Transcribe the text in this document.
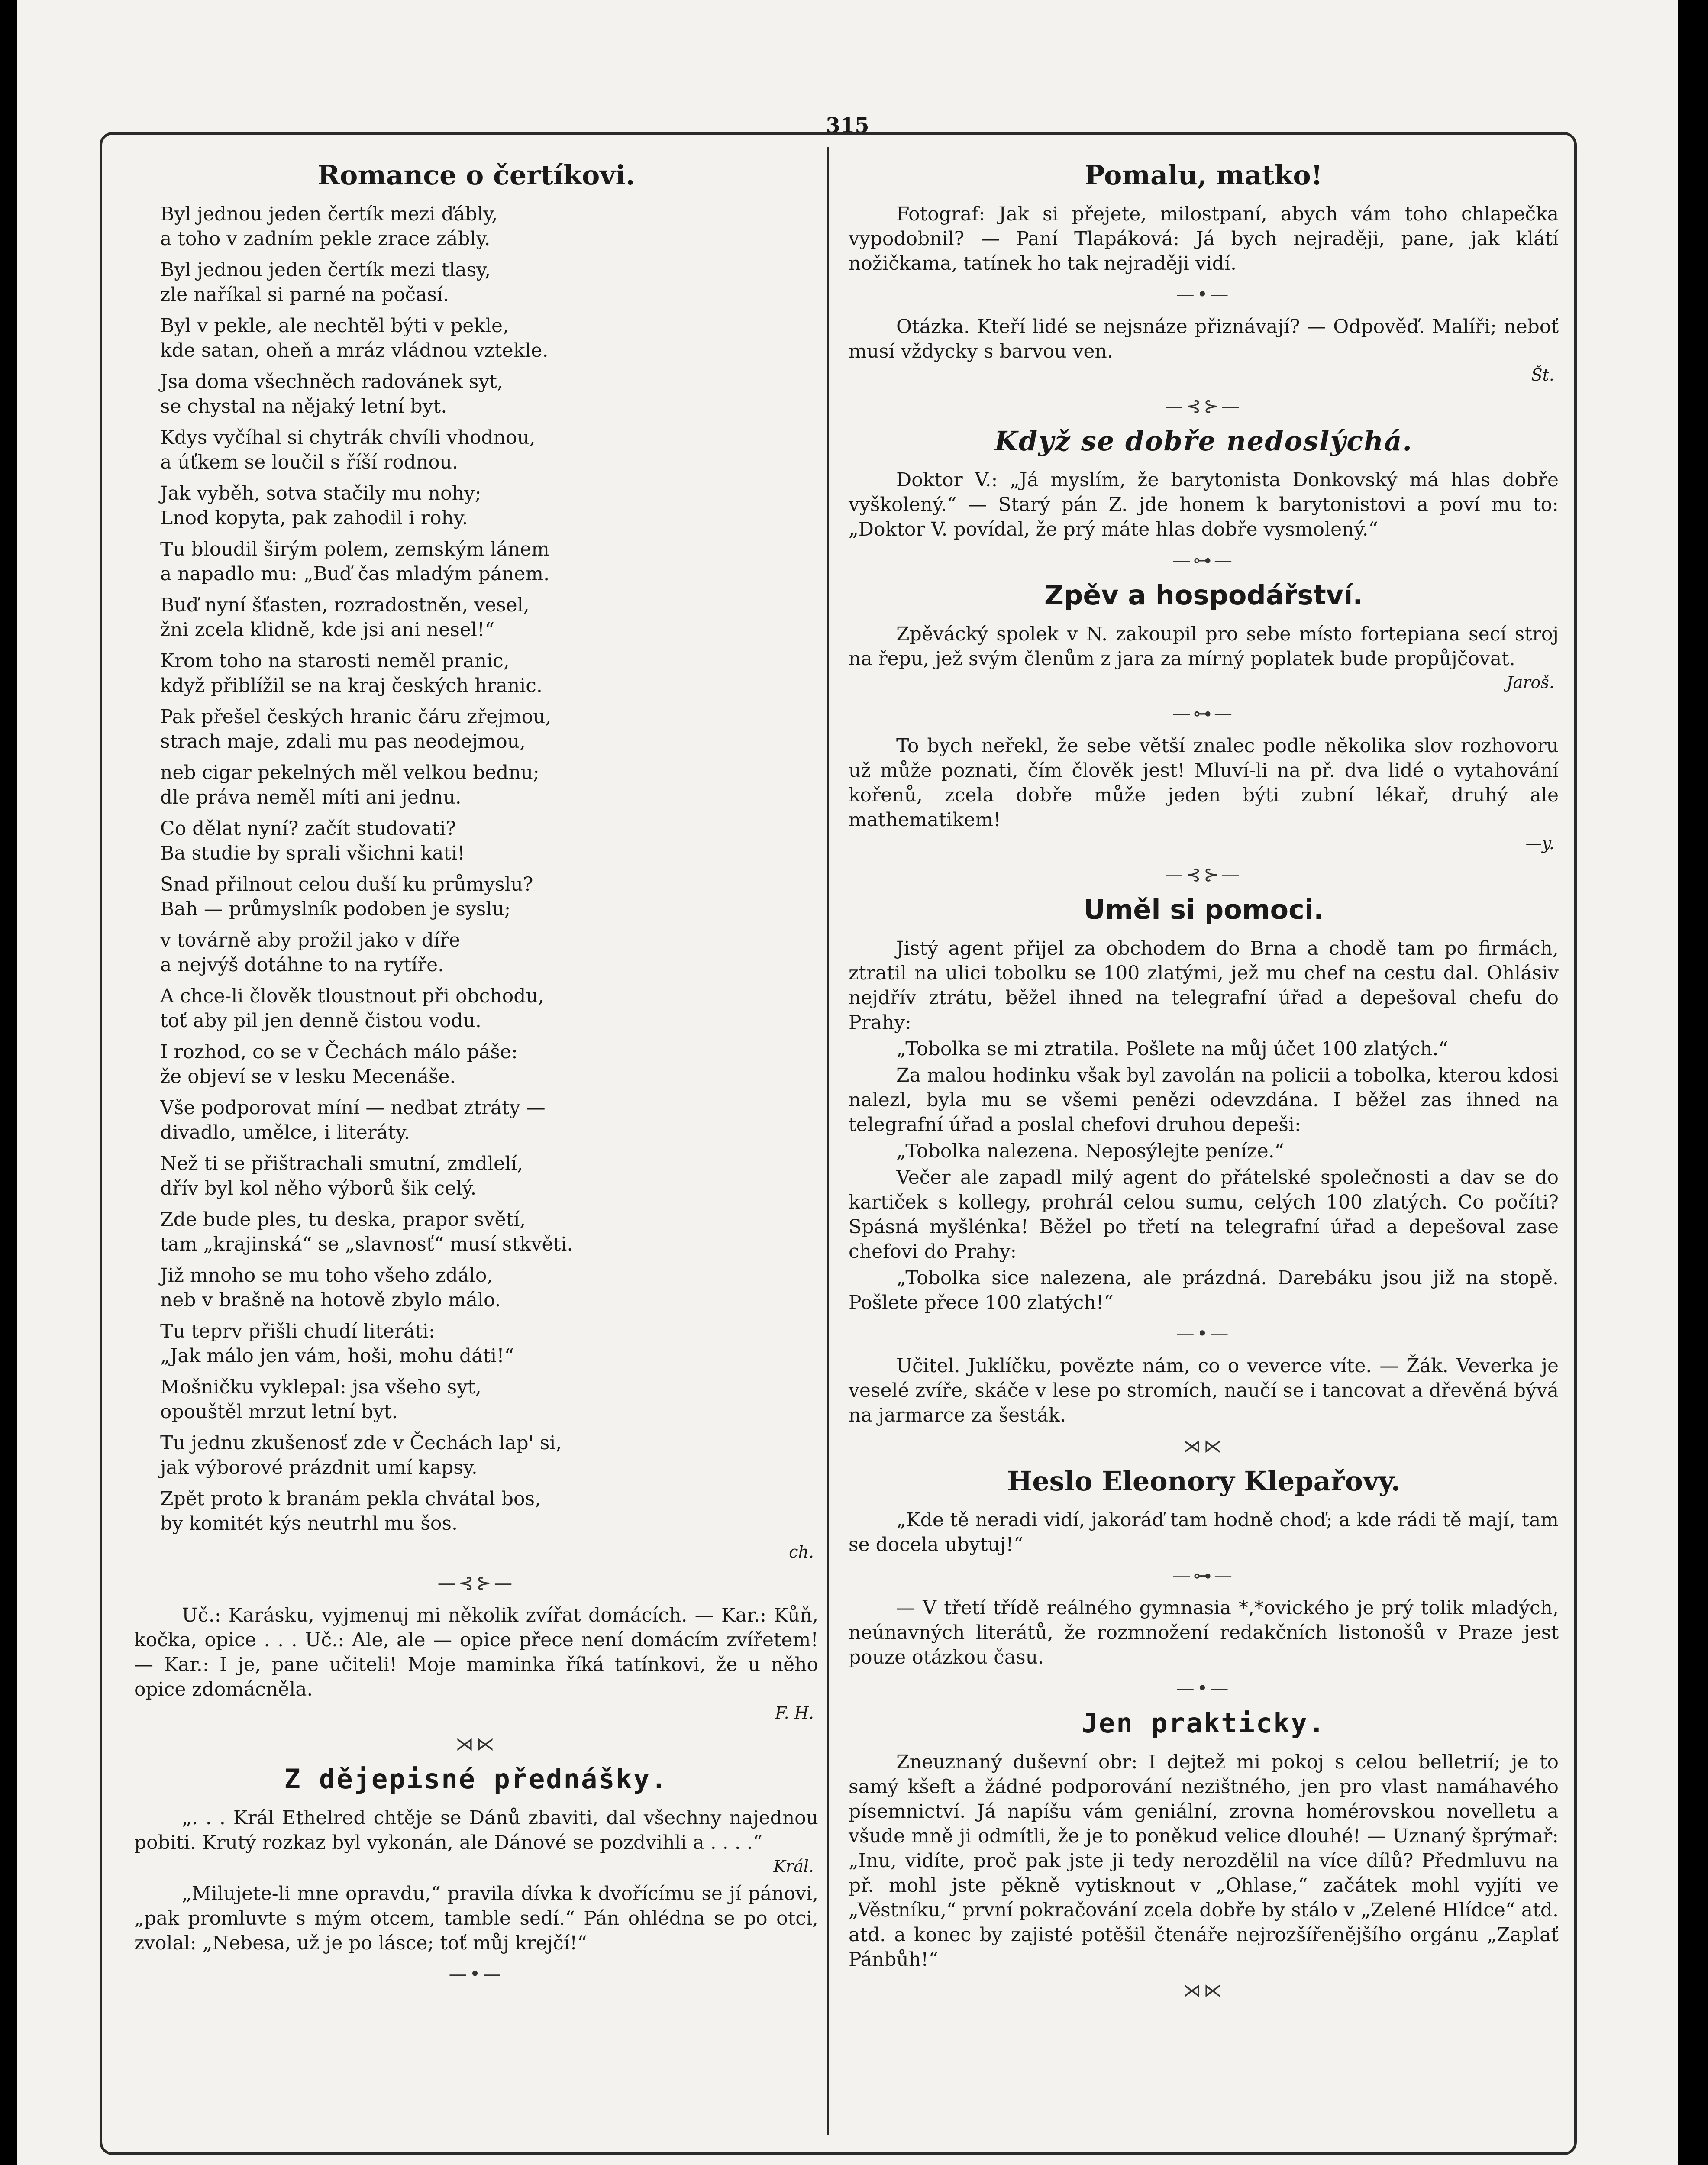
315
Romance o čertíkovi.

Byl jednou jeden čertík mezi ďábly,

a toho v zadním pekle zrace zábly.

Byl jednou jeden čertík mezi tlasy,

zle naříkal si parné na počasí.

Byl v pekle, ale nechtěl býti v pekle,

kde satan, oheň a mráz vládnou vztekle.

Jsa doma všechněch radovánek syt,

se chystal na nějaký letní byt.

Kdys vyčíhal si chytrák chvíli vhodnou,

a úťkem se loučil s říší rodnou.

Jak vyběh, sotva stačily mu nohy;

Lnod kopyta, pak zahodil i rohy.

Tu bloudil širým polem, zemským lánem

a napadlo mu: „Buď čas mladým pánem.

Buď nyní šťasten, rozradostněn, vesel,

žni zcela klidně, kde jsi ani nesel!“

Krom toho na starosti neměl pranic,

když přiblížil se na kraj českých hranic.

Pak přešel českých hranic čáru zřejmou,

strach maje, zdali mu pas neodejmou,

neb cigar pekelných měl velkou bednu;

dle práva neměl míti ani jednu.

Co dělat nyní? začít studovati?

Ba studie by sprali všichni kati!

Snad přilnout celou duší ku průmyslu?

Bah — průmyslník podoben je syslu;

v továrně aby prožil jako v díře

a nejvýš dotáhne to na rytíře.

A chce-li člověk tloustnout při obchodu,

toť aby pil jen denně čistou vodu.

I rozhod, co se v Čechách málo páše:

že objeví se v lesku Mecenáše.

Vše podporovat míní — nedbat ztráty —

divadlo, umělce, i literáty.

Než ti se přištrachali smutní, zmdlelí,

dřív byl kol něho výborů šik celý.

Zde bude ples, tu deska, prapor světí,

tam „krajinská“ se „slavnosť“ musí stkvěti.

Již mnoho se mu toho všeho zdálo,

neb v brašně na hotově zbylo málo.

Tu teprv přišli chudí literáti:

„Jak málo jen vám, hoši, mohu dáti!“

Mošničku vyklepal: jsa všeho syt,

opouštěl mrzut letní byt.

Tu jednu zkušenosť zde v Čechách lap' si,

jak výborové prázdnit umí kapsy.

Zpět proto k branám pekla chvátal bos,

by komitét kýs neutrhl mu šos.

ch.
—⊰⊱—

Uč.: Karásku, vyjmenuj mi několik zvířat domácích. — Kar.: Kůň, kočka, opice . . . Uč.: Ale, ale — opice přece není domácím zvířetem! — Kar.: I je, pane učiteli! Moje maminka říká tatínkovi, že u něho opice zdomácněla.

F. H.
⋊⋉
Z dějepisné přednášky.

„. . . Král Ethelred chtěje se Dánů zbaviti, dal všechny najednou pobiti. Krutý rozkaz byl vykonán, ale Dánové se pozdvihli a . . . .“

Král.

„Milujete-li mne opravdu,“ pravila dívka k dvořícímu se jí pánovi, „pak promluvte s mým otcem, tamble sedí.“ Pán ohlédna se po otci, zvolal: „Nebesa, už je po lásce; toť můj krejčí!“

—•—
Pomalu, matko!

Fotograf: Jak si přejete, milostpaní, abych vám toho chlapečka vypodobnil? — Paní Tlapáková: Já bych nejraději, pane, jak klátí nožičkama, tatínek ho tak nejraději vidí.

—•—

Otázka. Kteří lidé se nejsnáze přiznávají? — Odpověď. Malíři; neboť musí vždycky s barvou ven.

Št.
—⊰⊱—
Když se dobře nedoslýchá.

Doktor V.: „Já myslím, že barytonista Donkovský má hlas dobře vyškolený.“ — Starý pán Z. jde honem k barytonistovi a poví mu to: „Doktor V. povídal, že prý máte hlas dobře vysmolený.“

—⊶—
Zpěv a hospodářství.

Zpěvácký spolek v N. zakoupil pro sebe místo fortepiana secí stroj na řepu, jež svým členům z jara za mírný poplatek bude propůjčovat.

Jaroš.
—⊶—

To bych neřekl, že sebe větší znalec podle několika slov rozhovoru už může poznati, čím člověk jest! Mluví-li na př. dva lidé o vytahování kořenů, zcela dobře může jeden býti zubní lékař, druhý ale mathematikem!

—y.
—⊰⊱—
Uměl si pomoci.

Jistý agent přijel za obchodem do Brna a chodě tam po firmách, ztratil na ulici tobolku se 100 zlatými, jež mu chef na cestu dal. Ohlásiv nejdřív ztrátu, běžel ihned na telegrafní úřad a depešoval chefu do Prahy:

„Tobolka se mi ztratila. Pošlete na můj účet 100 zlatých.“

Za malou hodinku však byl zavolán na policii a tobolka, kterou kdosi nalezl, byla mu se všemi penězi odevzdána. I běžel zas ihned na telegrafní úřad a poslal chefovi druhou depeši:

„Tobolka nalezena. Neposýlejte peníze.“

Večer ale zapadl milý agent do přátelské společnosti a dav se do kartiček s kollegy, prohrál celou sumu, celých 100 zlatých. Co počíti? Spásná myšlénka! Běžel po třetí na telegrafní úřad a depešoval zase chefovi do Prahy:

„Tobolka sice nalezena, ale prázdná. Darebáku jsou již na stopě. Pošlete přece 100 zlatých!“

—•—

Učitel. Juklíčku, povězte nám, co o veverce víte. — Žák. Veverka je veselé zvíře, skáče v lese po stromích, naučí se i tancovat a dřevěná bývá na jarmarce za šesták.

⋊⋉
Heslo Eleonory Klepařovy.

„Kde tě neradi vidí, jakoráď tam hodně choď; a kde rádi tě mají, tam se docela ubytuj!“

—⊶—

— V třetí třídě reálného gymnasia *,*ovického je prý tolik mladých, neúnavných literátů, že rozmnožení redakčních listonošů v Praze jest pouze otázkou času.

—•—
Jen prakticky.

Zneuznaný duševní obr: I dejtež mi pokoj s celou belletrií; je to samý kšeft a žádné podporování nezištného, jen pro vlast namáhavého písemnictví. Já napíšu vám geniální, zrovna homérovskou novelletu a všude mně ji odmítli, že je to poněkud velice dlouhé! — Uznaný šprýmař: „Inu, vidíte, proč pak jste ji tedy nerozdělil na více dílů? Předmluvu na př. mohl jste pěkně vytisknout v „Ohlase,“ začátek mohl vyjíti ve „Věstníku,“ první pokračování zcela dobře by stálo v „Zelené Hlídce“ atd. atd. a konec by zajisté potěšil čtenáře nejrozšířenějšího orgánu „Zaplať Pánbůh!“

⋊⋉
